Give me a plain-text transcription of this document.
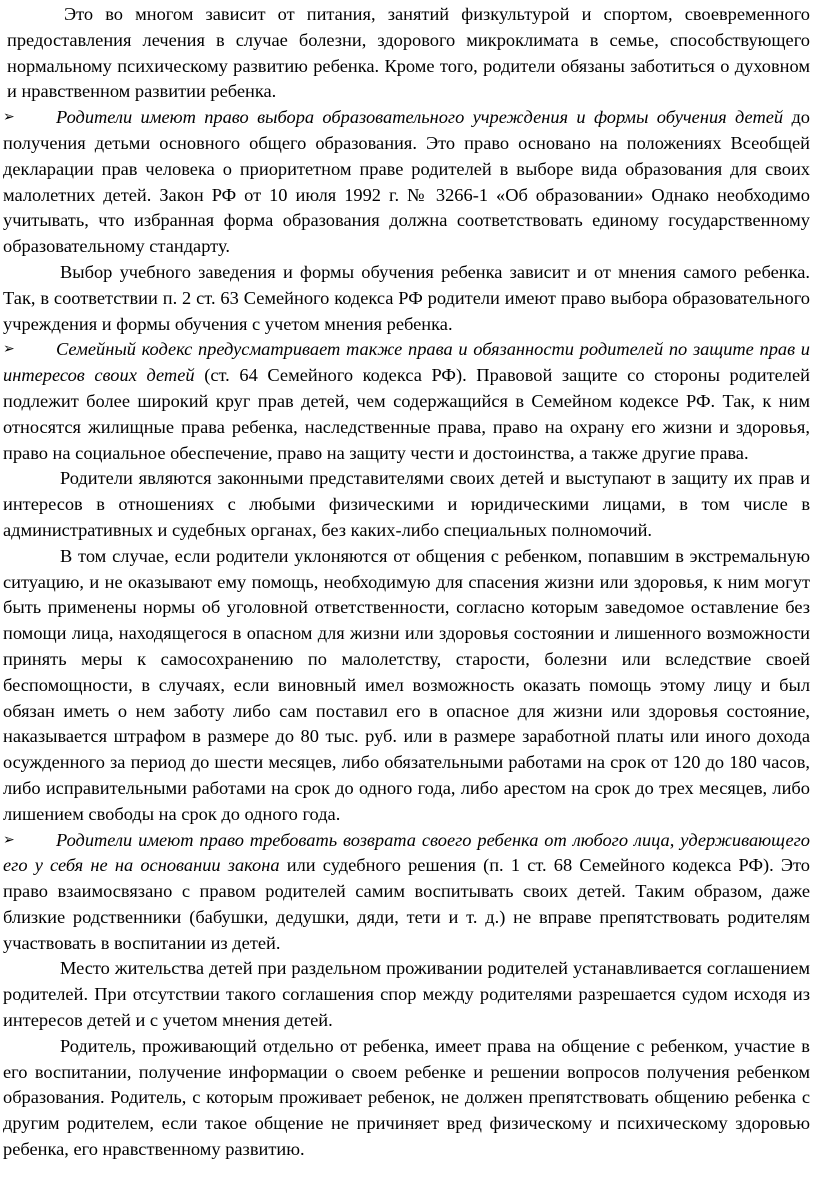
Это во многом зависит от питания, занятий физкультурой и спортом, своевременного предоставления лечения в случае болезни, здорового микроклимата в семье, способствующего нормальному психическому развитию ребенка. Кроме того, родители обязаны заботиться о духовном и нравственном развитии ребенка.

➢ Родители имеют право выбора образовательного учреждения и формы обучения детей до получения детьми основного общего образования. Это право основано на положениях Всеобщей декларации прав человека о приоритетном праве родителей в выборе вида образования для своих малолетних детей. Закон РФ от 10 июля 1992 г. № 3266-1 «Об образовании» Однако необходимо учитывать, что избранная форма образования должна соответствовать единому государственному образовательному стандарту.

Выбор учебного заведения и формы обучения ребенка зависит и от мнения самого ребенка. Так, в соответствии п. 2 ст. 63 Семейного кодекса РФ родители имеют право выбора образовательного учреждения и формы обучения с учетом мнения ребенка.

➢ Семейный кодекс предусматривает также права и обязанности родителей по защите прав и интересов своих детей (ст. 64 Семейного кодекса РФ). Правовой защите со стороны родителей подлежит более широкий круг прав детей, чем содержащийся в Семейном кодексе РФ. Так, к ним относятся жилищные права ребенка, наследственные права, право на охрану его жизни и здоровья, право на социальное обеспечение, право на защиту чести и достоинства, а также другие права.

Родители являются законными представителями своих детей и выступают в защиту их прав и интересов в отношениях с любыми физическими и юридическими лицами, в том числе в административных и судебных органах, без каких-либо специальных полномочий.

В том случае, если родители уклоняются от общения с ребенком, попавшим в экстремальную ситуацию, и не оказывают ему помощь, необходимую для спасения жизни или здоровья, к ним могут быть применены нормы об уголовной ответственности, согласно которым заведомое оставление без помощи лица, находящегося в опасном для жизни или здоровья состоянии и лишенного возможности принять меры к самосохранению по малолетству, старости, болезни или вследствие своей беспомощности, в случаях, если виновный имел возможность оказать помощь этому лицу и был обязан иметь о нем заботу либо сам поставил его в опасное для жизни или здоровья состояние, наказывается штрафом в размере до 80 тыс. руб. или в размере заработной платы или иного дохода осужденного за период до шести месяцев, либо обязательными работами на срок от 120 до 180 часов, либо исправительными работами на срок до одного года, либо арестом на срок до трех месяцев, либо лишением свободы на срок до одного года.

➢ Родители имеют право требовать возврата своего ребенка от любого лица, удерживающего его у себя не на основании закона или судебного решения (п. 1 ст. 68 Семейного кодекса РФ). Это право взаимосвязано с правом родителей самим воспитывать своих детей. Таким образом, даже близкие родственники (бабушки, дедушки, дяди, тети и т. д.) не вправе препятствовать родителям участвовать в воспитании из детей.

Место жительства детей при раздельном проживании родителей устанавливается соглашением родителей. При отсутствии такого соглашения спор между родителями разрешается судом исходя из интересов детей и с учетом мнения детей.

Родитель, проживающий отдельно от ребенка, имеет права на общение с ребенком, участие в его воспитании, получение информации о своем ребенке и решении вопросов получения ребенком образования. Родитель, с которым проживает ребенок, не должен препятствовать общению ребенка с другим родителем, если такое общение не причиняет вред физическому и психическому здоровью ребенка, его нравственному развитию.
